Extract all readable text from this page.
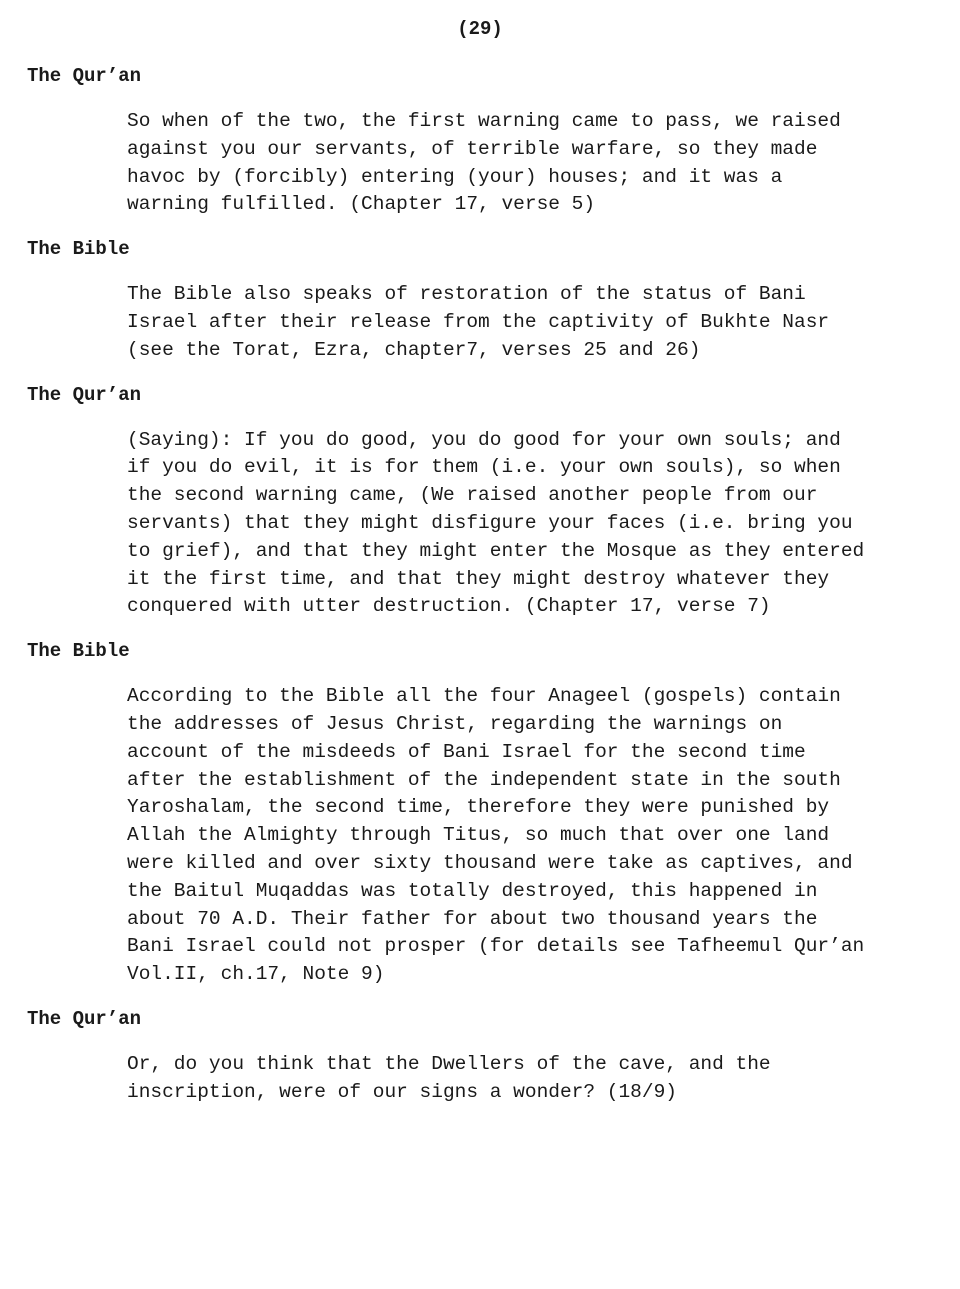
(29)
The Qur’an
So when of the two, the first warning came to pass, we raised
against you our servants, of terrible warfare, so they made
havoc by (forcibly) entering (your) houses; and it was a
warning fulfilled. (Chapter 17, verse 5)
The Bible
The Bible also speaks of restoration of the status of Bani
Israel after their release from the captivity of Bukhte Nasr
(see the Torat, Ezra, chapter7, verses 25 and 26)
The Qur’an
(Saying): If you do good, you do good for your own souls; and
if you do evil, it is for them (i.e. your own souls), so when
the second warning came, (We raised another people from our
servants) that they might disfigure your faces (i.e. bring you
to grief), and that they might enter the Mosque as they entered
it the first time, and that they might destroy whatever they
conquered with utter destruction. (Chapter 17, verse 7)
The Bible
According to the Bible all the four Anageel (gospels) contain
the addresses of Jesus Christ, regarding the warnings on
account of the misdeeds of Bani Israel for the second time
after the establishment of the independent state in the south
Yaroshalam, the second time, therefore they were punished by
Allah the Almighty through Titus, so much that over one land
were killed and over sixty thousand were take as captives, and
the Baitul Muqaddas was totally destroyed, this happened in
about 70 A.D. Their father for about two thousand years the
Bani Israel could not prosper (for details see Tafheemul Qur’an
Vol.II, ch.17, Note 9)
The Qur’an
Or, do you think that the Dwellers of the cave, and the
inscription, were of our signs a wonder? (18/9)
